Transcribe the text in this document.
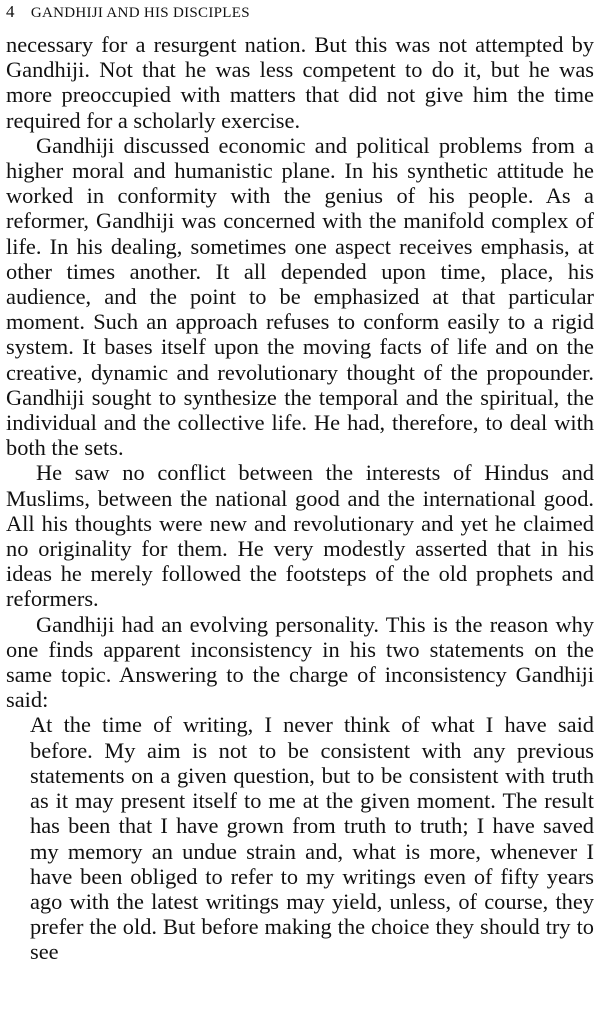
4 GANDHIJI AND HIS DISCIPLES

necessary for a resurgent nation. But this was not attempted by Gandhiji. Not that he was less competent to do it, but he was more preoccupied with matters that did not give him the time required for a scholarly exercise.

Gandhiji discussed economic and political problems from a higher moral and humanistic plane. In his synthetic attitude he worked in conformity with the genius of his people. As a reformer, Gandhiji was concerned with the manifold complex of life. In his dealing, sometimes one aspect receives emphasis, at other times another. It all depended upon time, place, his audience, and the point to be emphasized at that particular moment. Such an approach refuses to conform easily to a rigid system. It bases itself upon the moving facts of life and on the creative, dynamic and revolutionary thought of the propounder. Gandhiji sought to synthesize the temporal and the spiritual, the individual and the collective life. He had, therefore, to deal with both the sets.

He saw no conflict between the interests of Hindus and Muslims, between the national good and the international good. All his thoughts were new and revolutionary and yet he claimed no originality for them. He very modestly asserted that in his ideas he merely followed the footsteps of the old prophets and reformers.

Gandhiji had an evolving personality. This is the reason why one finds apparent inconsistency in his two statements on the same topic. Answering to the charge of inconsistency Gandhiji said:

At the time of writing, I never think of what I have said before. My aim is not to be consistent with any previous statements on a given question, but to be consistent with truth as it may present itself to me at the given moment. The result has been that I have grown from truth to truth; I have saved my memory an undue strain and, what is more, whenever I have been obliged to refer to my writings even of fifty years ago with the latest writings may yield, unless, of course, they prefer the old. But before making the choice they should try to see
